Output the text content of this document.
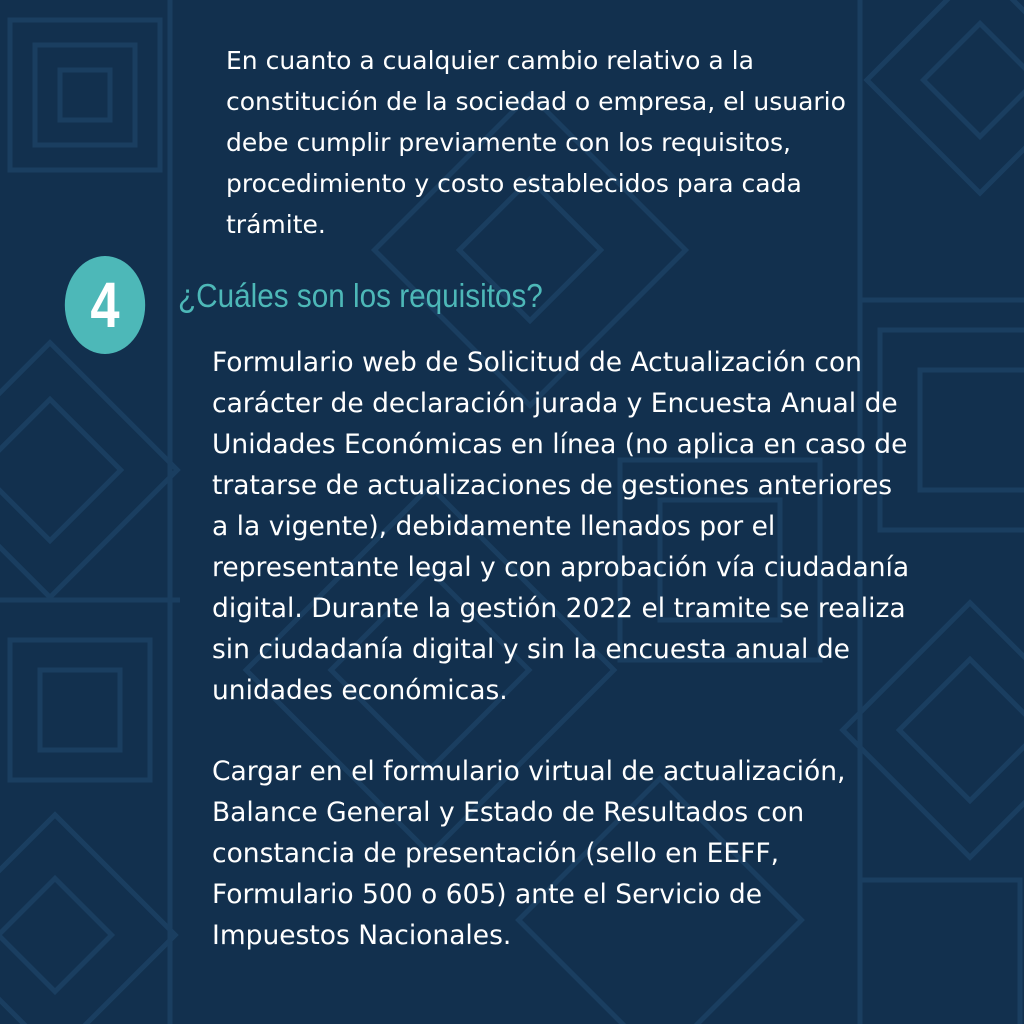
En cuanto a cualquier cambio relativo a la
constitución de la sociedad o empresa, el usuario
debe cumplir previamente con los requisitos,
procedimiento y costo establecidos para cada
trámite.

4 ¿Cuáles son los requisitos?

Formulario web de Solicitud de Actualización con
carácter de declaración jurada y Encuesta Anual de
Unidades Económicas en línea (no aplica en caso de
tratarse de actualizaciones de gestiones anteriores
a la vigente), debidamente llenados por el
representante legal y con aprobación vía ciudadanía
digital. Durante la gestión 2022 el tramite se realiza
sin ciudadanía digital y sin la encuesta anual de
unidades económicas.

Cargar en el formulario virtual de actualización,
Balance General y Estado de Resultados con
constancia de presentación (sello en EEFF,
Formulario 500 o 605) ante el Servicio de
Impuestos Nacionales.
